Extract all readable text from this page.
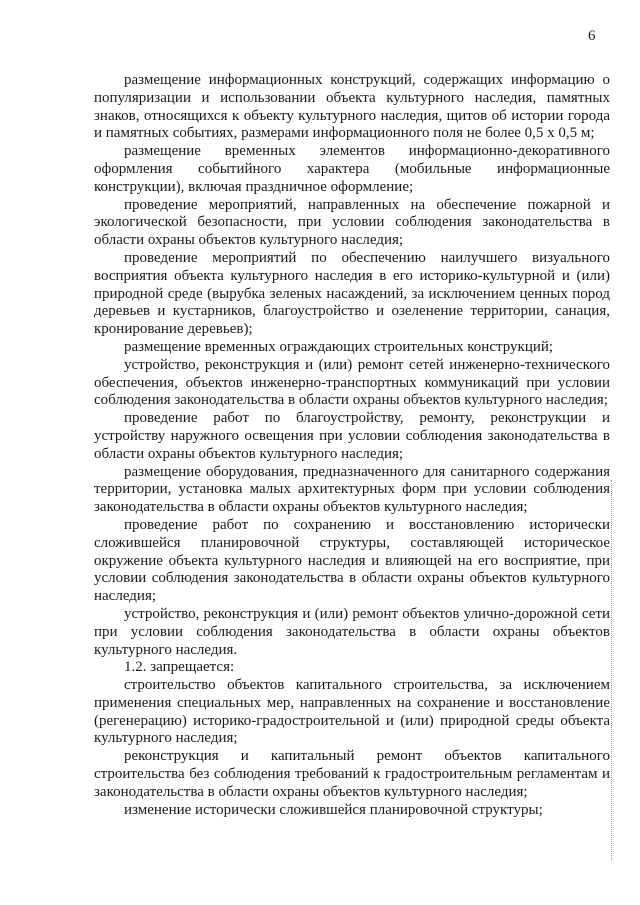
6

размещение информационных конструкций, содержащих информацию о популяризации и использовании объекта культурного наследия, памятных знаков, относящихся к объекту культурного наследия, щитов об истории города и памятных событиях, размерами информационного поля не более 0,5 х 0,5 м;

размещение временных элементов информационно-декоративного оформления событийного характера (мобильные информационные конструкции), включая праздничное оформление;

проведение мероприятий, направленных на обеспечение пожарной и экологической безопасности, при условии соблюдения законодательства в области охраны объектов культурного наследия;

проведение мероприятий по обеспечению наилучшего визуального восприятия объекта культурного наследия в его историко-культурной и (или) природной среде (вырубка зеленых насаждений, за исключением ценных пород деревьев и кустарников, благоустройство и озеленение территории, санация, кронирование деревьев);

размещение временных ограждающих строительных конструкций;

устройство, реконструкция и (или) ремонт сетей инженерно-технического обеспечения, объектов инженерно-транспортных коммуникаций при условии соблюдения законодательства в области охраны объектов культурного наследия;

проведение работ по благоустройству, ремонту, реконструкции и устройству наружного освещения при условии соблюдения законодательства в области охраны объектов культурного наследия;

размещение оборудования, предназначенного для санитарного содержания территории, установка малых архитектурных форм при условии соблюдения законодательства в области охраны объектов культурного наследия;

проведение работ по сохранению и восстановлению исторически сложившейся планировочной структуры, составляющей историческое окружение объекта культурного наследия и влияющей на его восприятие, при условии соблюдения законодательства в области охраны объектов культурного наследия;

устройство, реконструкция и (или) ремонт объектов улично-дорожной сети при условии соблюдения законодательства в области охраны объектов культурного наследия.

1.2. запрещается:

строительство объектов капитального строительства, за исключением применения специальных мер, направленных на сохранение и восстановление (регенерацию) историко-градостроительной и (или) природной среды объекта культурного наследия;

реконструкция и капитальный ремонт объектов капитального строительства без соблюдения требований к градостроительным регламентам и законодательства в области охраны объектов культурного наследия;

изменение исторически сложившейся планировочной структуры;
